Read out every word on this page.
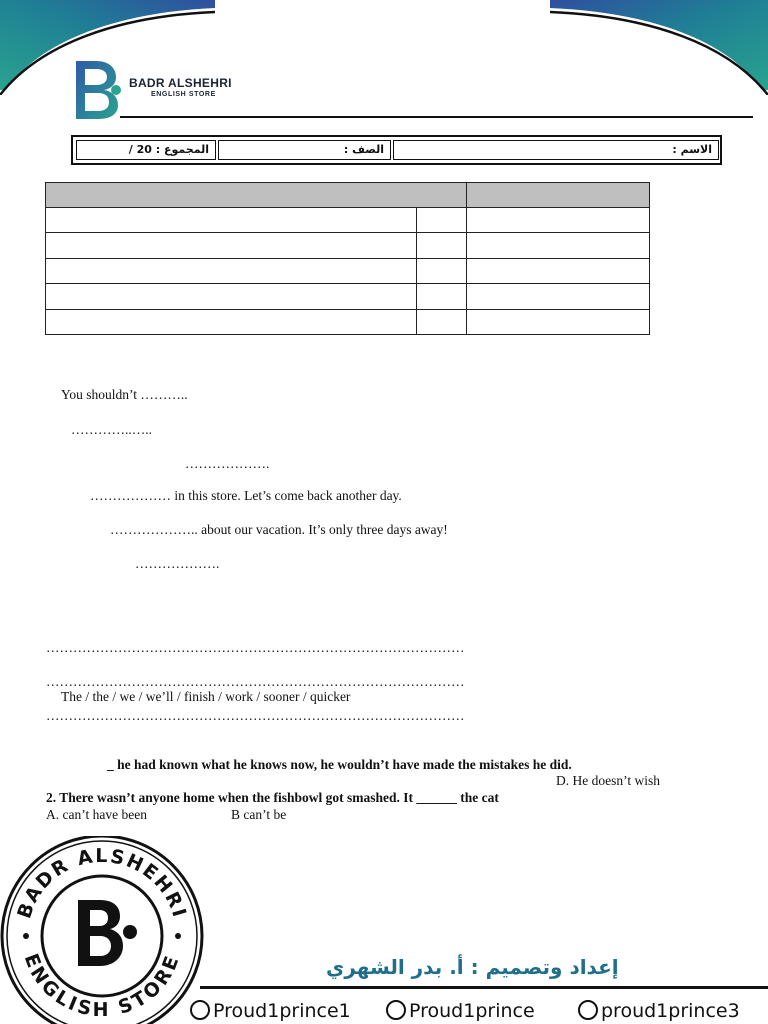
BADR ALSHEHRI
ENGLISH STORE
المجموع : 20 /	الصف :	الاسم :

You shouldn’t ………..
…………..…..
……………….
……………… in this store. Let’s come back another day.
……………….. about our vacation. It’s only three days away!
……………….
…………………………………………………………………………………
…………………………………………………………………………………
The / the / we / we’ll / finish / work / sooner / quicker
…………………………………………………………………………………
_ he had known what he knows now, he wouldn’t have made the mistakes he did.
D. He doesn’t wish
2. There wasn’t anyone home when the fishbowl got smashed. It ______ the cat
A. can’t have been	B can’t be
BADR ALSHEHRI
ENGLISH STORE	إعداد وتصميم : أ. بدر الشهري
Proud1prince1	Proud1prince	proud1prince3
